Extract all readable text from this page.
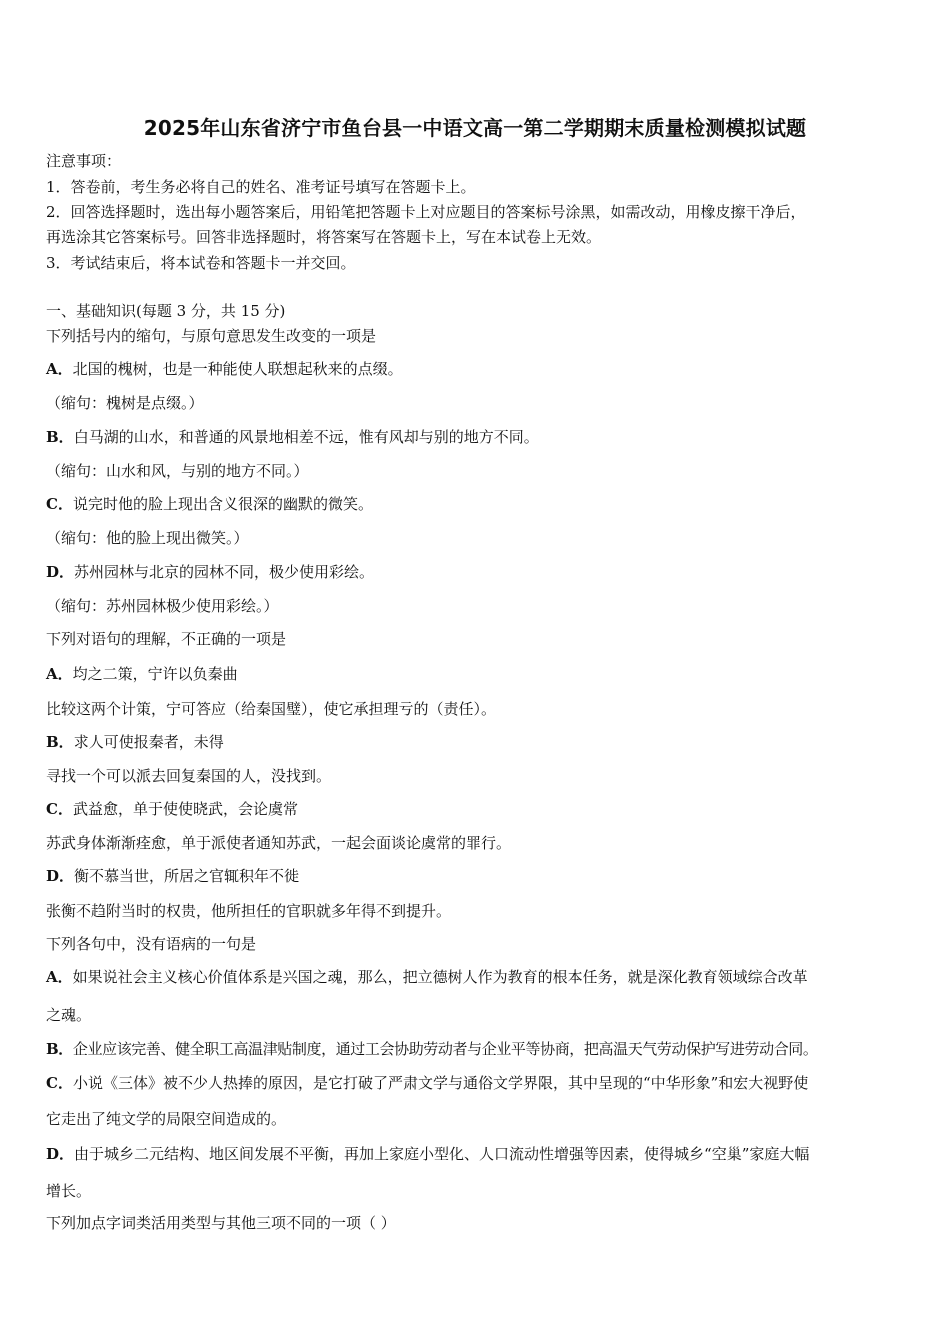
2025年山东省济宁市鱼台县一中语文高一第二学期期末质量检测模拟试题
注意事项：
1．答卷前，考生务必将自己的姓名、准考证号填写在答题卡上。
2．回答选择题时，选出每小题答案后，用铅笔把答题卡上对应题目的答案标号涂黑，如需改动，用橡皮擦干净后，
再选涂其它答案标号。回答非选择题时，将答案写在答题卡上，写在本试卷上无效。
3．考试结束后，将本试卷和答题卡一并交回。
一、基础知识(每题 3 分，共 15 分)
下列括号内的缩句，与原句意思发生改变的一项是
A．北国的槐树，也是一种能使人联想起秋来的点缀。
（缩句：槐树是点缀。）
B．白马湖的山水，和普通的风景地相差不远，惟有风却与别的地方不同。
（缩句：山水和风，与别的地方不同。）
C．说完时他的脸上现出含义很深的幽默的微笑。
（缩句：他的脸上现出微笑。）
D．苏州园林与北京的园林不同，极少使用彩绘。
（缩句：苏州园林极少使用彩绘。）
下列对语句的理解，不正确的一项是
A．均之二策，宁许以负秦曲
比较这两个计策，宁可答应（给秦国璧），使它承担理亏的（责任）。
B．求人可使报秦者，未得
寻找一个可以派去回复秦国的人，没找到。
C．武益愈，单于使使晓武，会论虞常
苏武身体渐渐痊愈，单于派使者通知苏武，一起会面谈论虞常的罪行。
D．衡不慕当世，所居之官辄积年不徙
张衡不趋附当时的权贵，他所担任的官职就多年得不到提升。
下列各句中，没有语病的一句是
A．如果说社会主义核心价值体系是兴国之魂，那么，把立德树人作为教育的根本任务，就是深化教育领域综合改革
之魂。
B．企业应该完善、健全职工高温津贴制度，通过工会协助劳动者与企业平等协商，把高温天气劳动保护写进劳动合同。
C．小说《三体》被不少人热捧的原因，是它打破了严肃文学与通俗文学界限，其中呈现的“中华形象”和宏大视野使
它走出了纯文学的局限空间造成的。
D．由于城乡二元结构、地区间发展不平衡，再加上家庭小型化、人口流动性增强等因素，使得城乡“空巢”家庭大幅
增长。
下列加点字词类活用类型与其他三项不同的一项（ ）
